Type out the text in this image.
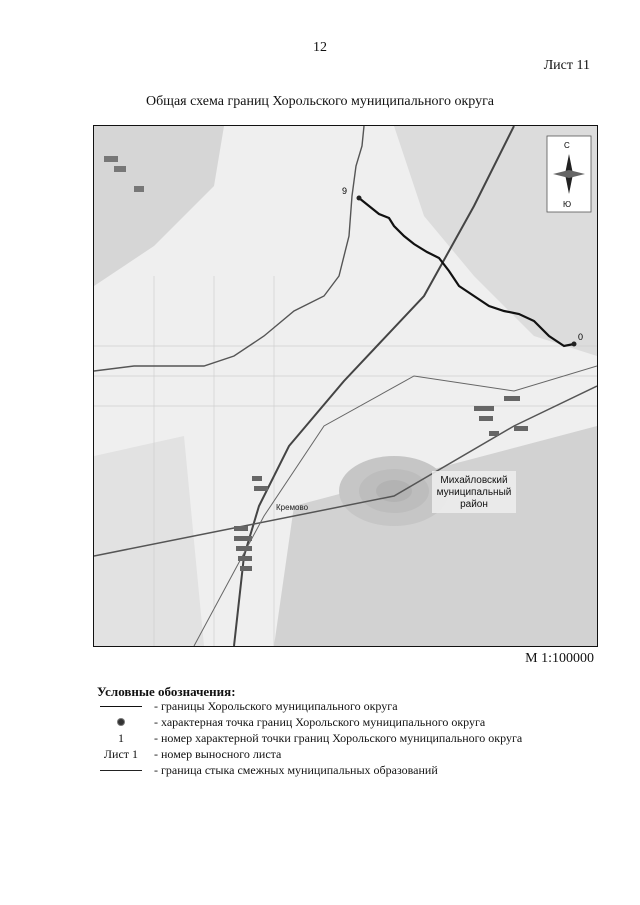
12
Лист 11
Общая схема границ Хорольского муниципального округа
9
0
Кремово
Михайловский
муниципальный
район
С
Ю
М 1:100000
Условные обозначения:
- границы Хорольского муниципального округа
- характерная точка границ Хорольского муниципального округа
1	- номер характерной точки границ Хорольского муниципального округа
Лист 1	- номер выносного листа
- граница стыка смежных муниципальных образований
